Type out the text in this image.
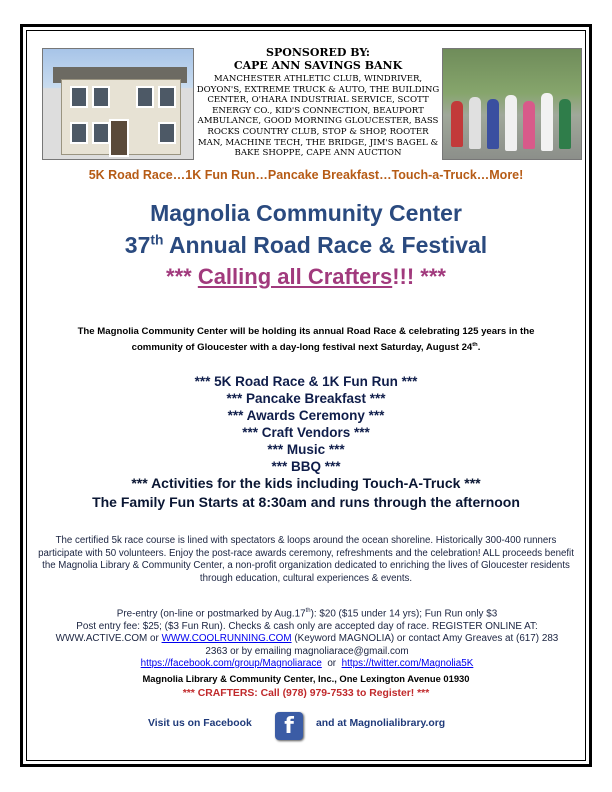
SPONSORED BY:
CAPE ANN SAVINGS BANK
MANCHESTER ATHLETIC CLUB, WINDRIVER, DOYON'S, EXTREME TRUCK & AUTO, THE BUILDING CENTER, O'HARA INDUSTRIAL SERVICE, SCOTT ENERGY CO., KID'S CONNECTION, BEAUPORT AMBULANCE, GOOD MORNING GLOUCESTER, BASS ROCKS COUNTRY CLUB, STOP & SHOP, ROOTER MAN, MACHINE TECH, THE BRIDGE, JIM'S BAGEL & BAKE SHOPPE, CAPE ANN AUCTION
5K Road Race…1K Fun Run…Pancake Breakfast…Touch-a-Truck…More!
Magnolia Community Center
37th Annual Road Race & Festival
*** Calling all Crafters!!! ***
The Magnolia Community Center will be holding its annual Road Race & celebrating 125 years in the community of Gloucester with a day-long festival next Saturday, August 24th.
*** 5K Road Race & 1K Fun Run ***
*** Pancake Breakfast ***
*** Awards Ceremony ***
*** Craft Vendors ***
*** Music ***
*** BBQ ***
*** Activities for the kids including Touch-A-Truck ***
The Family Fun Starts at 8:30am and runs through the afternoon
The certified 5k race course is lined with spectators & loops around the ocean shoreline. Historically 300-400 runners participate with 50 volunteers. Enjoy the post-race awards ceremony, refreshments and the celebration! ALL proceeds benefit the Magnolia Library & Community Center, a non-profit organization dedicated to enriching the lives of Gloucester residents through education, cultural experiences & events.
Pre-entry (on-line or postmarked by Aug.17th): $20 ($15 under 14 yrs); Fun Run only $3
Post entry fee: $25; ($3 Fun Run). Checks & cash only are accepted day of race. REGISTER ONLINE AT: WWW.ACTIVE.COM or WWW.COOLRUNNING.COM (Keyword MAGNOLIA) or contact Amy Greaves at (617) 283 2363 or by emailing magnoliarace@gmail.com
https://facebook.com/group/Magnoliarace  or  https://twitter.com/Magnolia5K
Magnolia Library & Community Center, Inc., One Lexington Avenue 01930
*** CRAFTERS: Call (978) 979-7533 to Register! ***
Visit us on Facebook	and at Magnolialibrary.org
f
